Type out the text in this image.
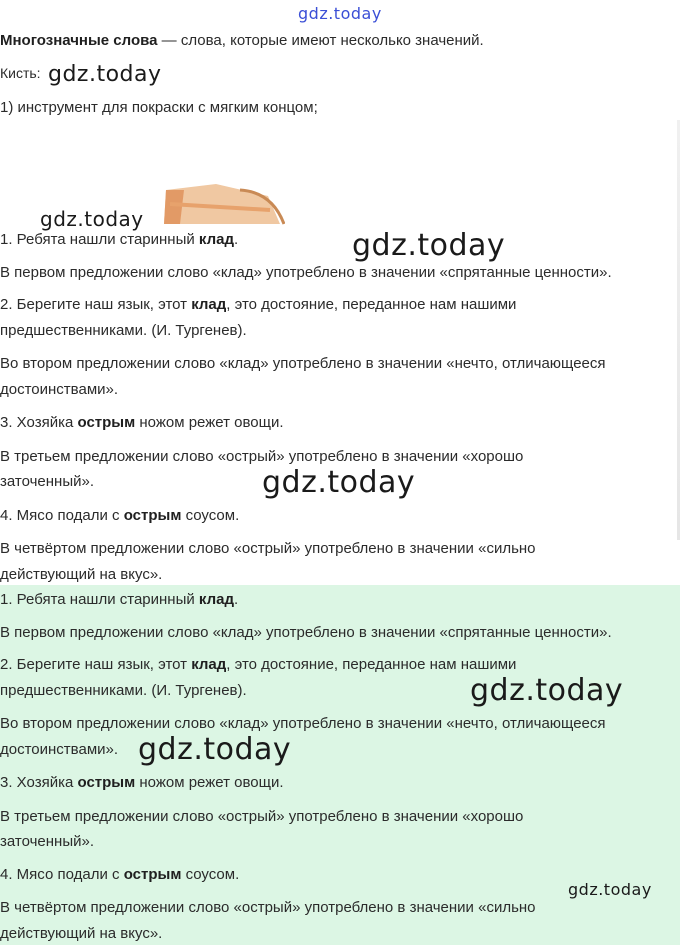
gdz.today
Многозначные слова — слова, которые имеют несколько значений.
Кисть: gdz.today
1) инструмент для покраски с мягким концом;
gdz.today
gdz.today
1. Ребята нашли старинный клад.
В первом предложении слово «клад» употреблено в значении «спрятанные ценности».
2. Берегите наш язык, этот клад, это достояние, переданное нам нашими
предшественниками. (И. Тургенев).
Во втором предложении слово «клад» употреблено в значении «нечто, отличающееся
достоинствами».
3. Хозяйка острым ножом режет овощи.
В третьем предложении слово «острый» употреблено в значении «хорошо
заточенный».	gdz.today
4. Мясо подали с острым соусом.
В четвёртом предложении слово «острый» употреблено в значении «сильно
действующий на вкус».
1. Ребята нашли старинный клад.
В первом предложении слово «клад» употреблено в значении «спрятанные ценности».
2. Берегите наш язык, этот клад, это достояние, переданное нам нашими
предшественниками. (И. Тургенев).	gdz.today
Во втором предложении слово «клад» употреблено в значении «нечто, отличающееся
достоинствами». gdz.today
3. Хозяйка острым ножом режет овощи.
В третьем предложении слово «острый» употреблено в значении «хорошо
заточенный».
4. Мясо подали с острым соусом.
gdz.today
В четвёртом предложении слово «острый» употреблено в значении «сильно
действующий на вкус».
